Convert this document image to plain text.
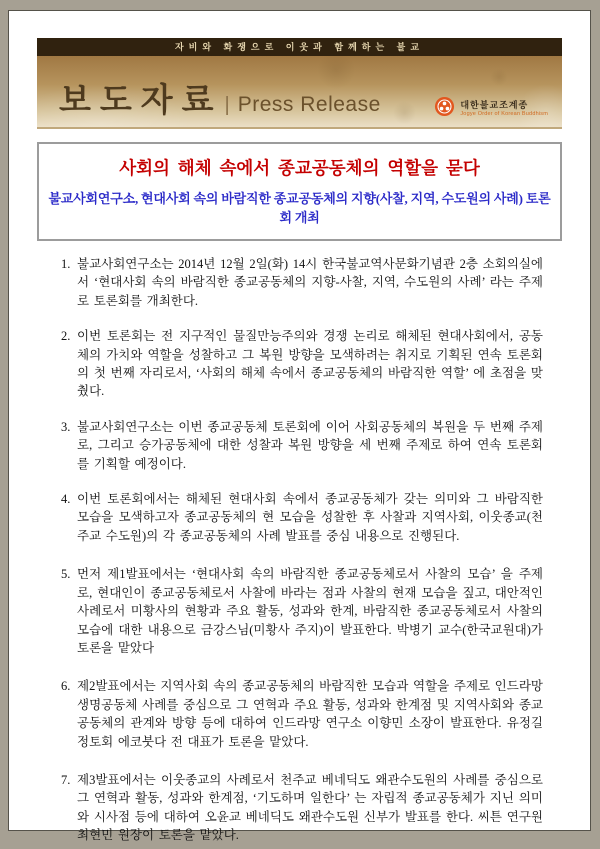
자비와 화쟁으로 이웃과 함께하는 불교
보도자료 | Press Release	대한불교조계종
Jogye Order of Korean Buddhism
사회의 해체 속에서 종교공동체의 역할을 묻다
불교사회연구소, 현대사회 속의 바람직한 종교공동체의 지향(사찰, 지역, 수도원의 사례) 토론회 개최
1. 불교사회연구소는 2014년 12월 2일(화) 14시 한국불교역사문화기념관 2층 소회의실에서 ‘현대사회 속의 바람직한 종교공동체의 지향-사찰, 지역, 수도원의 사례’ 라는 주제로 토론회를 개최한다.
2. 이번 토론회는 전 지구적인 물질만능주의와 경쟁 논리로 해체된 현대사회에서, 공동체의 가치와 역할을 성찰하고 그 복원 방향을 모색하려는 취지로 기획된 연속 토론회의 첫 번째 자리로서, ‘사회의 해체 속에서 종교공동체의 바람직한 역할’ 에 초점을 맞췄다.
3. 불교사회연구소는 이번 종교공동체 토론회에 이어 사회공동체의 복원을 두 번째 주제로, 그리고 승가공동체에 대한 성찰과 복원 방향을 세 번째 주제로 하여 연속 토론회를 기획할 예정이다.
4. 이번 토론회에서는 해체된 현대사회 속에서 종교공동체가 갖는 의미와 그 바람직한 모습을 모색하고자 종교공동체의 현 모습을 성찰한 후 사찰과 지역사회, 이웃종교(천주교 수도원)의 각 종교공동체의 사례 발표를 중심 내용으로 진행된다.
5. 먼저 제1발표에서는 ‘현대사회 속의 바람직한 종교공동체로서 사찰의 모습’ 을 주제로, 현대인이 종교공동체로서 사찰에 바라는 점과 사찰의 현재 모습을 짚고, 대안적인 사례로서 미황사의 현황과 주요 활동, 성과와 한계, 바람직한 종교공동체로서 사찰의 모습에 대한 내용으로 금강스님(미황사 주지)이 발표한다. 박병기 교수(한국교원대)가 토론을 맡았다
6. 제2발표에서는 지역사회 속의 종교공동체의 바람직한 모습과 역할을 주제로 인드라망 생명공동체 사례를 중심으로 그 연혁과 주요 활동, 성과와 한계점 및 지역사회와 종교공동체의 관계와 방향 등에 대하여 인드라망 연구소 이향민 소장이 발표한다. 유정길 정토회 에코붓다 전 대표가 토론을 맡았다.
7. 제3발표에서는 이웃종교의 사례로서 천주교 베네딕도 왜관수도원의 사례를 중심으로 그 연혁과 활동, 성과와 한계점, ‘기도하며 일한다’ 는 자립적 종교공동체가 지닌 의미와 시사점 등에 대하여 오윤교 베네딕도 왜관수도원 신부가 발표를 한다. 씨튼 연구원 최현민 원장이 토론을 맡았다.
